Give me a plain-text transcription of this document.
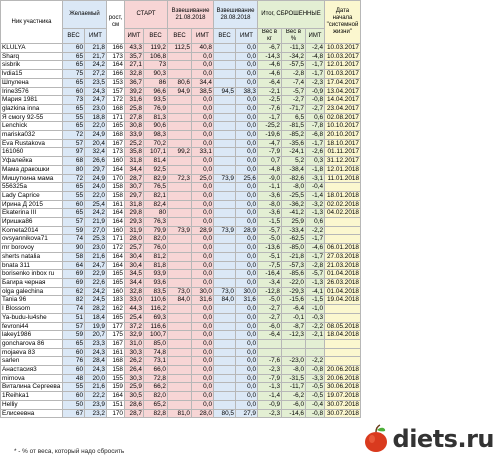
Ник участника	Желаемый		рост, см	СТАРТ		Взвешивание 21.08.2018		Взвешивание 28.08.2018		Итог, СБРОШЕННЫЕ			Дата начала "системной жизни"
	ВЕС	ИМТ		ИМТ	ВЕС	ВЕС	ИМТ	ВЕС	ИМТ	Вес в кг	Вес в %	ИМТ	
KLULYA	60	21,8	166	43,3	119,2	112,5	40,8		0,0	-6,7	-11,3	-2,4	10.03.2017
Sharq	65	21,7	173	35,7	106,8		0,0		0,0	-14,3	-34,2	-4,8	10.03.2017
sisbrik	65	24,2	164	27,1	73		0,0		0,0	-4,6	-57,5	-1,7	12.01.2017
lvdia15	75	27,2	166	32,8	90,3		0,0		0,0	-4,6	-2,8	-1,7	01.03.2017
Шпулена	65	23,5	153	36,7	86	80,6	34,4		0,0	-6,4	-7,4	-2,3	17.04.2017
Irine3576	60	24,3	157	39,2	96,6	94,9	38,5	94,5	38,3	-2,1	-5,7	-0,9	13.04.2017
Мария 1981	73	24,7	172	31,6	93,5		0,0		0,0	-2,5	-2,7	-0,8	14.04.2017
glazkina inna	65	23,0	168	25,8	76,9		0,0		0,0	-7,6	-71,7	-2,7	23.04.2017
Я смогу 92-55	55	18,8	171	27,8	81,3		0,0		0,0	-1,7	6,5	0,6	02.08.2017
Lenchick	65	22,0	165	30,8	90,6		0,0		0,0	-25,2	-81,5	-7,8	10.10.2017
mariska032	72	24,9	168	33,9	98,3		0,0		0,0	-19,6	-85,2	-6,8	20.10.2017
Eva Rustakova	57	20,4	167	25,2	70,2		0,0		0,0	-4,7	-35,6	-1,7	18.10.2017
161060	97	32,4	173	35,8	107,1	99,2	33,1		0,0	-7,9	-24,1	-2,6	01.11.2017
Уфалейка	68	26,6	160	31,8	81,4		0,0		0,0	0,7	5,2	0,3	31.12.2017
Мама дракошки	80	29,7	164	34,4	92,5		0,0		0,0	-4,8	-38,4	-1,8	12.01.2018
Мишуткина мама	72	24,9	170	28,7	82,9	72,3	25,0	73,9	25,6	-9,0	-82,6	-3,1	11.01.2018
556325a	65	24,0	158	30,7	76,5		0,0		0,0	-1,1	-8,0	-0,4	
Lady Caprice	55	22,0	158	29,7	82,1		0,0		0,0	-3,6	-25,5	-1,4	18.01.2018
Ирина Д 2015	60	25,4	161	31,8	82,4		0,0		0,0	-8,0	-36,2	-3,2	02.02.2018
Ekaterina III	65	24,2	164	29,8	80		0,0		0,0	-3,6	-41,2	-1,3	04.02.2018
Иришка86	57	21,9	164	29,3	76,3		0,0		0,0	-1,5	25,9	0,6	
Kometa2014	59	27,0	160	31,9	79,9	73,9	28,9	73,9	28,9	-5,7	-33,4	-2,2	
ovsyannikova71	74	25,3	171	28,0	82,0		0,0		0,0	-5,0	-62,5	-1,7	
mr borovoy	90	23,0	172	25,7	76,0		0,0		0,0	-13,6	-85,0	-4,6	06.01.2018
sherts natalia	58	21,6	164	30,4	81,2		0,0		0,0	-5,1	-21,8	-1,7	27.03.2018
bnata 311	64	24,7	164	30,4	81,8		0,0		0,0	-7,5	-57,3	-2,8	21.03.2018
borisenko inbox ru	69	22,9	165	34,5	93,9		0,0		0,0	-16,4	-85,6	-5,7	01.04.2018
Багира черная	69	22,6	165	34,4	93,6		0,0		0,0	-3,4	-22,0	-1,3	26.03.2018
olga galechina	62	24,2	160	32,8	83,5	73,0	30,0	73,0	30,0	-12,8	-29,3	-4,1	01.04.2018
Tania 96	82	24,5	183	33,0	110,6	84,0	31,6	84,0	31,6	-5,0	-15,6	-1,5	19.04.2018
I Blossom	74	28,2	162	44,3	116,2		0,0		0,0	-2,7	-6,4	-1,0	
Ya-budu-lu4she	51	18,4	165	25,4	69,3		0,0		0,0	-2,7	-0,1	-0,3	
fevroni44	57	19,9	177	37,2	116,6		0,0		0,0	-6,0	-8,7	-2,2	08.05.2018
lakey1986	59	20,7	175	32,9	100,7		0,0		0,0	-6,4	-12,3	-2,1	18.04.2018
goncharova 86	65	23,3	167	31,0	85,0		0,0		0,0				
mojaeva 83	60	24,3	161	30,3	74,8		0,0		0,0				
sarlen	76	28,4	168	26,2	73,1		0,0		0,0	-7,6	-23,0	-2,2	
Анастасия3	60	24,3	158	26,4	66,0		0,0		0,0	-2,3	-8,0	-0,8	20.06.2018
mirnova	48	20,0	155	30,3	72,8		0,0		0,0	-7,9	-31,5	-3,3	20.06.2018
Виталина Сергеева	55	21,6	159	25,9	66,2		0,0		0,0	-1,3	-11,7	-0,5	30.06.2018
1Reihka1	60	22,2	164	30,5	82,0		0,0		0,0	-1,4	-6,2	-0,5	19.07.2018
Helliy	50	23,9	151	28,6	65,2		0,0		0,0	-0,9	-6,0	-0,4	30.07.2018
Елисеевна	67	23,2	170	28,7	82,8	81,0	28,0	80,5	27,9	-2,3	-14,6	-0,8	30.07.2018
* - % от веса, который надо сбросить	diets.ru
